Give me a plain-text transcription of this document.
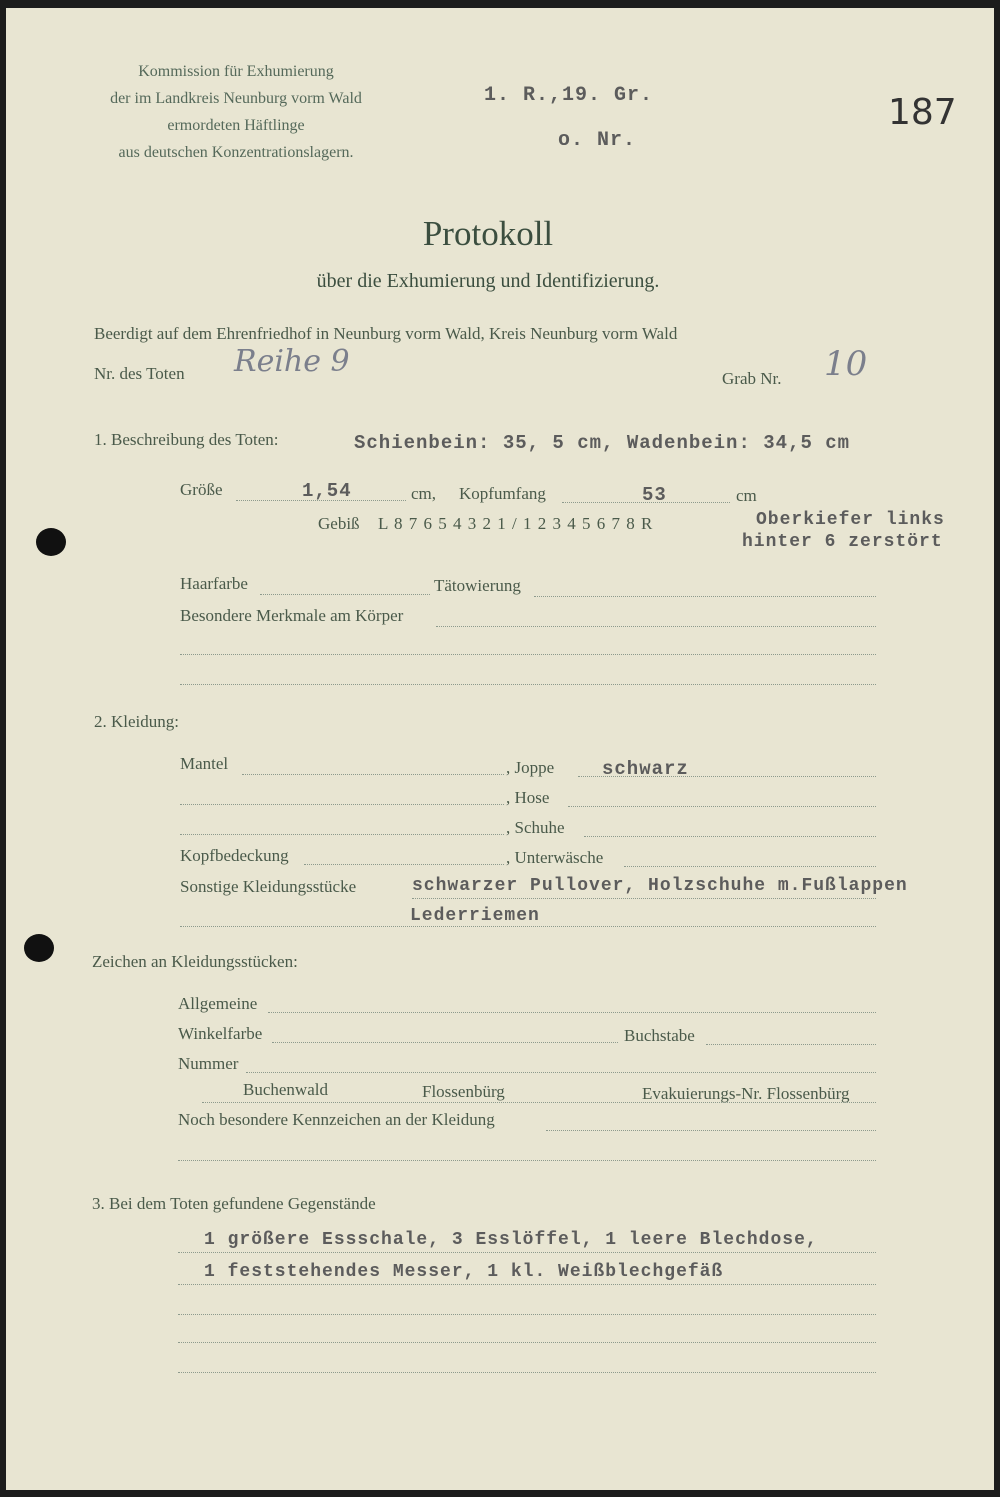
Kommission für Exhumierung
der im Landkreis Neunburg vorm Wald
ermordeten Häftlinge
aus deutschen Konzentrationslagern.
1. R.,19. Gr.
o. Nr.
187
Protokoll
über die Exhumierung und Identifizierung.
Beerdigt auf dem Ehrenfriedhof in Neunburg vorm Wald, Kreis Neunburg vorm Wald
Nr. des Toten Reihe 9	Grab Nr. 10
1. Beschreibung des Toten:	Schienbein: 35, 5 cm, Wadenbein: 34,5 cm
Größe	1,54	cm, Kopfumfang	53	cm
Gebiß L 8 7 6 5 4 3 2 1 / 1 2 3 4 5 6 7 8 R	Oberkiefer links
hinter 6 zerstört
Haarfarbe	Tätowierung
Besondere Merkmale am Körper
2. Kleidung:
Mantel	, Joppe	schwarz
, Hose
, Schuhe
Kopfbedeckung	, Unterwäsche
Sonstige Kleidungsstücke	schwarzer Pullover, Holzschuhe m.Fußlappen
Lederriemen
Zeichen an Kleidungsstücken:
Allgemeine
Winkelfarbe	Buchstabe
Nummer
Buchenwald	Flossenbürg	Evakuierungs-Nr. Flossenbürg
Noch besondere Kennzeichen an der Kleidung
3. Bei dem Toten gefundene Gegenstände
1 größere Essschale, 3 Esslöffel, 1 leere Blechdose,
1 feststehendes Messer, 1 kl. Weißblechgefäß
